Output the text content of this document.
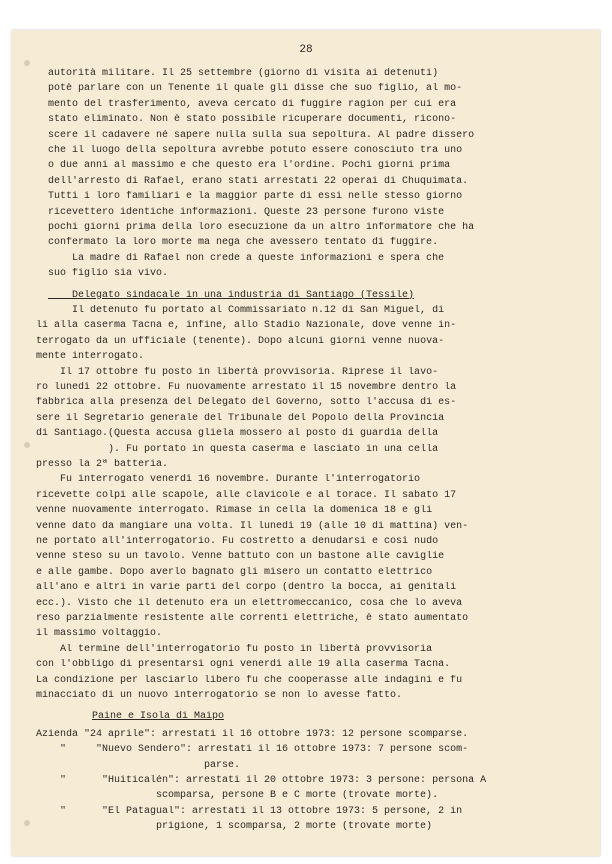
28
autorità militare. Il 25 settembre (giorno di visita ai detenuti)
potè parlare con un Tenente il quale gli disse che suo figlio, al mo-
mento del trasferimento, aveva cercato di fuggire ragion per cui era
stato eliminato. Non è stato possibile ricuperare documenti, ricono-
scere il cadavere né sapere nulla sulla sua sepoltura. Al padre dissero
che il luogo della sepoltura avrebbe potuto essere conosciuto tra uno
o due anni al massimo e che questo era l'ordine. Pochi giorni prima
dell'arresto di Rafael, erano stati arrestati 22 operai di Chuquimata.
Tutti i loro familiari e la maggior parte di essi nelle stesso giorno
ricevettero identiche informazioni. Queste 23 persone furono viste
pochi giorni prima della loro esecuzione da un altro informatore che ha
confermato la loro morte ma nega che avessero tentato di fuggire.
La madre di Rafael non crede a queste informazioni e spera che
suo figlio sia vivo.
Delegato sindacale in una industria di Santiago (Tessile)
Il detenuto fu portato al Commissariato n.12 di San Miguel, di
li alla caserma Tacna e, infine, allo Stadio Nazionale, dove venne in-
terrogato da un ufficiale (tenente). Dopo alcuni giorni venne nuova-
mente interrogato.
Il 17 ottobre fu posto in libertà provvisoria. Riprese il lavo-
ro lunedì 22 ottobre. Fu nuovamente arrestato il 15 novembre dentro la
fabbrica alla presenza del Delegato del Governo, sotto l'accusa di es-
sere il Segretario generale del Tribunale del Popolo della Provincia
di Santiago.(Questa accusa gliela mossero al posto di guardia della
). Fu portato in questa caserma e lasciato in una cella
presso la 2ª batteria.
Fu interrogato venerdì 16 novembre. Durante l'interrogatorio
ricevette colpi alle scapole, alle clavicole e al torace. Il sabato 17
venne nuovamente interrogato. Rimase in cella la domenica 18 e gli
venne dato da mangiare una volta. Il lunedì 19 (alle 10 di mattina) ven-
ne portato all'interrogatorio. Fu costretto a denudarsi e così nudo
venne steso su un tavolo. Venne battuto con un bastone alle caviglie
e alle gambe. Dopo averlo bagnato gli misero un contatto elettrico
all'ano e altri in varie parti del corpo (dentro la bocca, ai genitali
ecc.). Visto che il detenuto era un elettromeccanico, cosa che lo aveva
reso parzialmente resistente alle correnti elettriche, è stato aumentato
il massimo voltaggio.
Al termine dell'interrogatorio fu posto in libertà provvisoria
con l'obbligo di presentarsi ogni venerdì alle 19 alla caserma Tacna.
La condizione per lasciarlo libero fu che cooperasse alle indagini e fu
minacciato di un nuovo interrogatorio se non lo avesse fatto.
Paine e Isola di Maipo
Azienda "24 aprile": arrestati il 16 ottobre 1973: 12 persone scomparse.
"     "Nuevo Sendero": arrestati il 16 ottobre 1973: 7 persone scom-
parse.
"      "Huiticalén": arrestati il 20 ottobre 1973: 3 persone: persona A
scomparsa, persone B e C morte (trovate morte).
"      "El Patagual": arrestati il 13 ottobre 1973: 5 persone, 2 in
prigione, 1 scomparsa, 2 morte (trovate morte)
